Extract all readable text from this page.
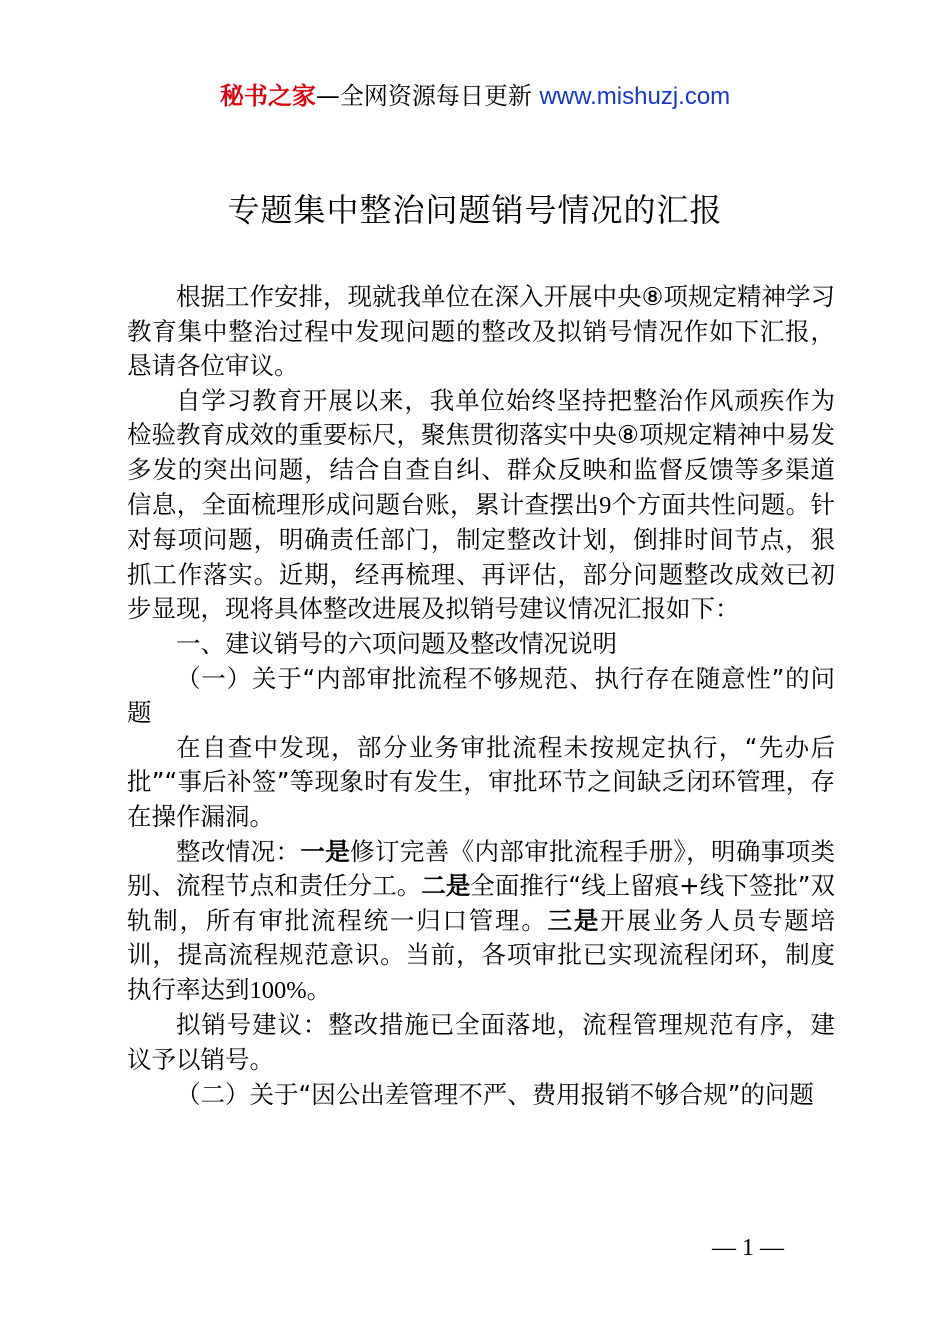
秘书之家—全网资源每日更新 www.mishuzj.com
专题集中整治问题销号情况的汇报

根据工作安排，现就我单位在深入开展中央⑧项规定精神学习教育集中整治过程中发现问题的整改及拟销号情况作如下汇报，恳请各位审议。

自学习教育开展以来，我单位始终坚持把整治作风顽疾作为检验教育成效的重要标尺，聚焦贯彻落实中央⑧项规定精神中易发多发的突出问题，结合自查自纠、群众反映和监督反馈等多渠道信息，全面梳理形成问题台账，累计查摆出9个方面共性问题。针对每项问题，明确责任部门，制定整改计划，倒排时间节点，狠抓工作落实。近期，经再梳理、再评估，部分问题整改成效已初步显现，现将具体整改进展及拟销号建议情况汇报如下：

一、建议销号的六项问题及整改情况说明

（一）关于“内部审批流程不够规范、执行存在随意性”的问题

在自查中发现，部分业务审批流程未按规定执行，“先办后批”“事后补签”等现象时有发生，审批环节之间缺乏闭环管理，存在操作漏洞。

整改情况：一是修订完善《内部审批流程手册》，明确事项类别、流程节点和责任分工。二是全面推行“线上留痕+线下签批”双轨制，所有审批流程统一归口管理。三是开展业务人员专题培训，提高流程规范意识。当前，各项审批已实现流程闭环，制度执行率达到100%。

拟销号建议：整改措施已全面落地，流程管理规范有序，建议予以销号。

（二）关于“因公出差管理不严、费用报销不够合规”的问题

— 1 —
